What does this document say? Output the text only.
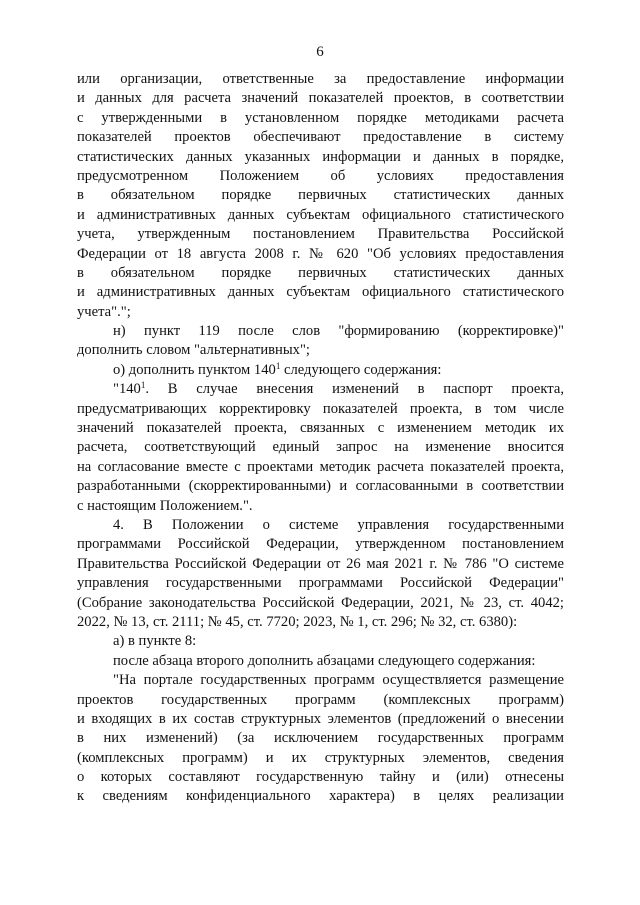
6
или организации, ответственные за предоставление информации
и данных для расчета значений показателей проектов, в соответствии
с утвержденными в установленном порядке методиками расчета
показателей проектов обеспечивают предоставление в систему
статистических данных указанных информации и данных в порядке,
предусмотренном Положением об условиях предоставления
в обязательном порядке первичных статистических данных
и административных данных субъектам официального статистического
учета, утвержденным постановлением Правительства Российской
Федерации от 18 августа 2008 г. № 620 "Об условиях предоставления
в обязательном порядке первичных статистических данных
и административных данных субъектам официального статистического
учета".";
н) пункт 119 после слов "формированию (корректировке)"
дополнить словом "альтернативных";
о) дополнить пунктом $140^1$ следующего содержания:
"$140^1$. В случае внесения изменений в паспорт проекта,
предусматривающих корректировку показателей проекта, в том числе
значений показателей проекта, связанных с изменением методик их
расчета, соответствующий единый запрос на изменение вносится
на согласование вместе с проектами методик расчета показателей проекта,
разработанными (скорректированными) и согласованными в соответствии
с настоящим Положением.".
4. В Положении о системе управления государственными
программами Российской Федерации, утвержденном постановлением
Правительства Российской Федерации от 26 мая 2021 г. № 786 "О системе
управления государственными программами Российской Федерации"
(Собрание законодательства Российской Федерации, 2021, № 23, ст. 4042;
2022, № 13, ст. 2111; № 45, ст. 7720; 2023, № 1, ст. 296; № 32, ст. 6380):
а) в пункте 8:
после абзаца второго дополнить абзацами следующего содержания:
"На портале государственных программ осуществляется размещение
проектов государственных программ (комплексных программ)
и входящих в их состав структурных элементов (предложений о внесении
в них изменений) (за исключением государственных программ
(комплексных программ) и их структурных элементов, сведения
о которых составляют государственную тайну и (или) отнесены
к сведениям конфиденциального характера) в целях реализации
